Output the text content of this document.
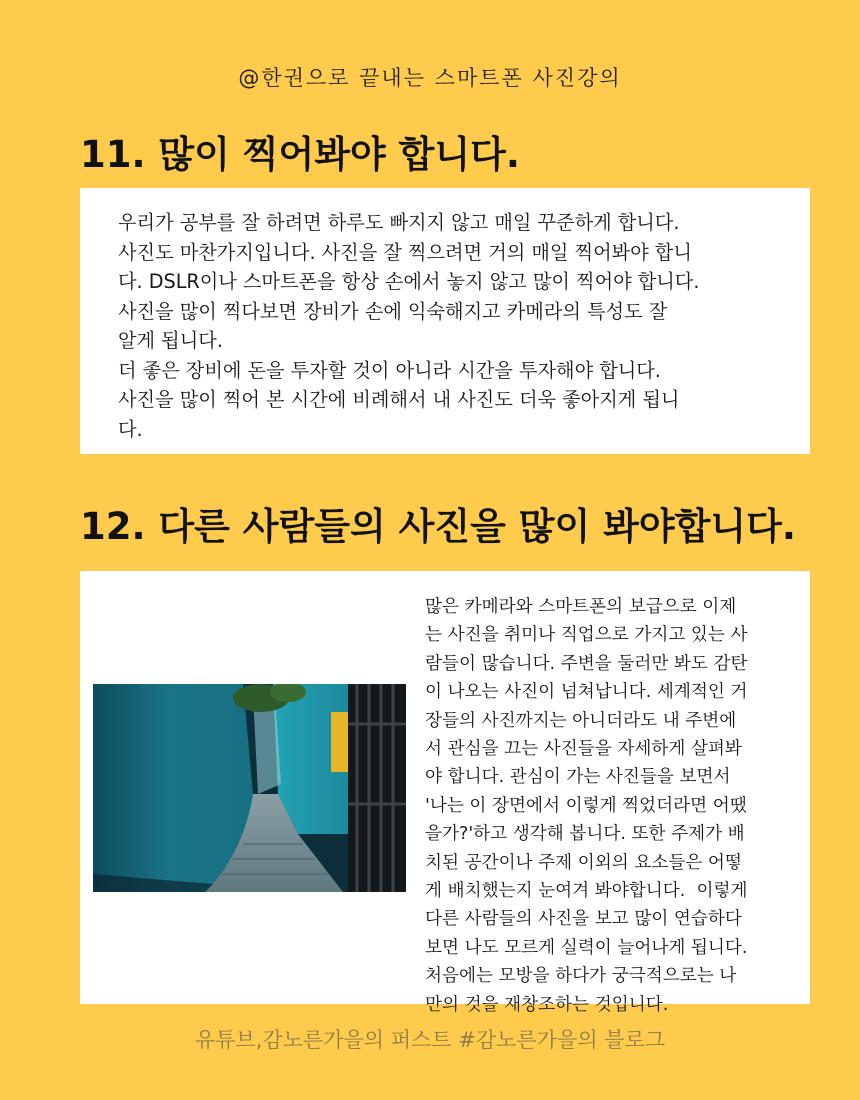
@한권으로 끝내는 스마트폰 사진강의
11. 많이 찍어봐야 합니다.
우리가 공부를 잘 하려면 하루도 빠지지 않고 매일 꾸준하게 합니다.
사진도 마찬가지입니다. 사진을 잘 찍으려면 거의 매일 찍어봐야 합니
다. DSLR이나 스마트폰을 항상 손에서 놓지 않고 많이 찍어야 합니다.
사진을 많이 찍다보면 장비가 손에 익숙해지고 카메라의 특성도 잘
알게 됩니다.
더 좋은 장비에 돈을 투자할 것이 아니라 시간을 투자해야 합니다.
사진을 많이 찍어 본 시간에 비례해서 내 사진도 더욱 좋아지게 됩니
다.
12. 다른 사람들의 사진을 많이 봐야합니다.
많은 카메라와 스마트폰의 보급으로 이제
는 사진을 취미나 직업으로 가지고 있는 사
람들이 많습니다. 주변을 둘러만 봐도 감탄
이 나오는 사진이 넘쳐납니다. 세계적인 거
장들의 사진까지는 아니더라도 내 주변에
서 관심을 끄는 사진들을 자세하게 살펴봐
야 합니다. 관심이 가는 사진들을 보면서
'나는 이 장면에서 이렇게 찍었더라면 어땠
을가?'하고 생각해 봅니다. 또한 주제가 배
치된 공간이나 주제 이외의 요소들은 어떻
게 배치했는지 눈여겨 봐야합니다.  이렇게
다른 사람들의 사진을 보고 많이 연습하다
보면 나도 모르게 실력이 늘어나게 됩니다.
처음에는 모방을 하다가 궁극적으로는 나
만의 것을 재창조하는 것입니다.
유튜브,감노른가을의 퍼스트 #감노른가을의 블로그
